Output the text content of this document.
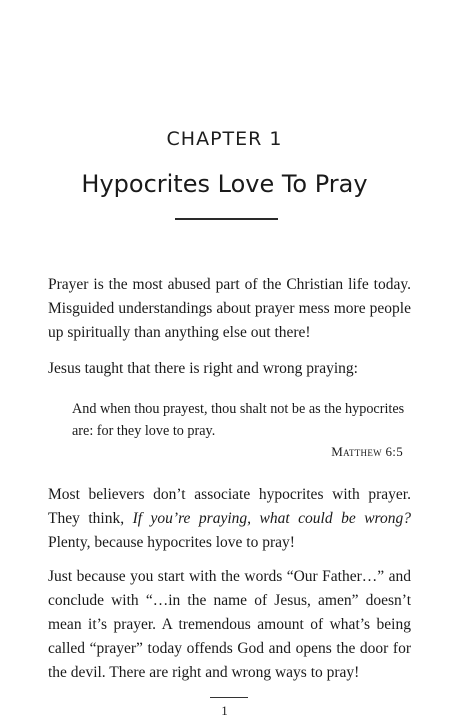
CHAPTER 1
Hypocrites Love To Pray

Prayer is the most abused part of the Christian life today. Misguided understandings about prayer mess more people up spiritually than anything else out there!

Jesus taught that there is right and wrong praying:

And when thou prayest, thou shalt not be as the hypocrites are: for they love to pray.

Matthew 6:5

Most believers don’t associate hypocrites with prayer. They think, If you’re praying, what could be wrong? Plenty, because hypocrites love to pray!

Just because you start with the words “Our Father…” and conclude with “…in the name of Jesus, amen” doesn’t mean it’s prayer. A tremendous amount of what’s being called “prayer” today offends God and opens the door for the devil. There are right and wrong ways to pray!

1
